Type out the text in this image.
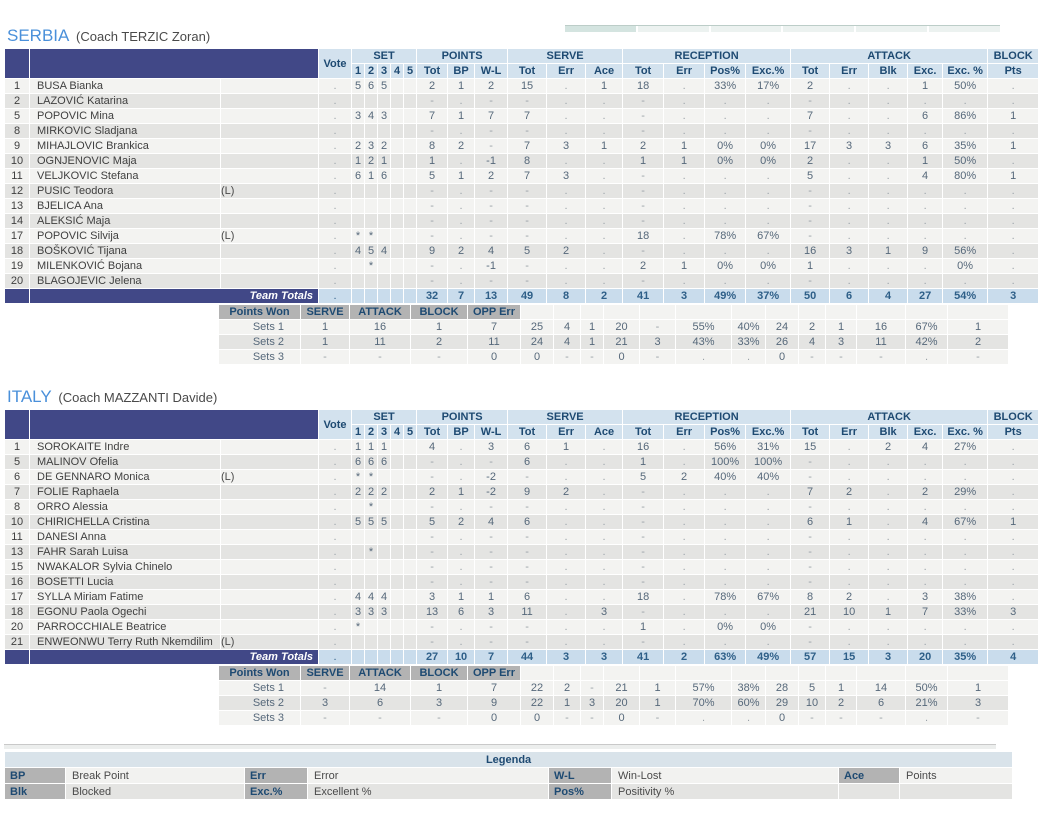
SERBIA (Coach TERZIC Zoran)
			Vote	SET					POINTS			SERVE			RECEPTION				ATTACK					BLOCK
				1	2	3	4	5	Tot	BP	W-L	Tot	Err	Ace	Tot	Err	Pos%	Exc.%	Tot	Err	Blk	Exc.	Exc. %	Pts
1	BUSA Bianka		.	5	6	5			2	1	2	15	.	1	18	.	33%	17%	2	.	.	1	50%	.
2	LAZOVIĆ Katarina		.						-	.	-	-	.	.	-	.	.	.	-	.	.	.	.	.
5	POPOVIC Mina		.	3	4	3			7	1	7	7	.	.	-	.	.	.	7	.	.	6	86%	1
8	MIRKOVIC Sladjana		.						-	.	-	-	.	.	-	.	.	.	-	.	.	.	.	.
9	MIHAJLOVIC Brankica		.	2	3	2			8	2	-	7	3	1	2	1	0%	0%	17	3	3	6	35%	1
10	OGNJENOVIC Maja		.	1	2	1			1	.	-1	8	.	.	1	1	0%	0%	2	.	.	1	50%	.
11	VELJKOVIC Stefana		.	6	1	6			5	1	2	7	3	.	-	.	.	.	5	.	.	4	80%	1
12	PUSIC Teodora	(L)	.						-	.	-	-	.	.	-	.	.	.	-	.	.	.	.	.
13	BJELICA Ana		.						-	.	-	-	.	.	-	.	.	.	-	.	.	.	.	.
14	ALEKSIĆ Maja		.						-	.	-	-	.	.	-	.	.	.	-	.	.	.	.	.
17	POPOVIC Silvija	(L)	.	*	*				-	.	-	-	.	.	18	.	78%	67%	-	.	.	.	.	.
18	BOŠKOVIĆ Tijana		.	4	5	4			9	2	4	5	2	.	-	.	.	.	16	3	1	9	56%	.
19	MILENKOVIĆ Bojana		.		*				-	.	-1	-	.	.	2	1	0%	0%	1	.	.	.	0%	.
20	BLAGOJEVIC Jelena		.						-	.	-	-	.	.	-	.	.	.	-	.	.	.	.	.
	Team Totals		.						32	7	13	49	8	2	41	3	49%	37%	50	6	4	27	54%	3
	Points Won	SERVE	ATTACK	BLOCK	OPP Err														
	Sets 1	1	16	1	7	25	4	1	20	-	55%	40%	24	2	1	16	67%	1	
	Sets 2	1	11	2	11	24	4	1	21	3	43%	33%	26	4	3	11	42%	2	
	Sets 3	-	-	-	0	0	-	-	0	-	.	.	0	-	-	-	.	-	
ITALY (Coach MAZZANTI Davide)
			Vote	SET					POINTS			SERVE			RECEPTION				ATTACK					BLOCK
				1	2	3	4	5	Tot	BP	W-L	Tot	Err	Ace	Tot	Err	Pos%	Exc.%	Tot	Err	Blk	Exc.	Exc. %	Pts
1	SOROKAITE Indre		.	1	1	1			4	.	3	6	1	.	16	.	56%	31%	15	.	2	4	27%	.
5	MALINOV Ofelia		.	6	6	6			-	.	-	6	.	.	1	.	100%	100%	-	.	.	.	.	.
6	DE GENNARO Monica	(L)	.	*	*				-	.	-2	-	.	.	5	2	40%	40%	-	.	.	.	.	.
7	FOLIE Raphaela		.	2	2	2			2	1	-2	9	2	.	-	.	.	.	7	2	.	2	29%	.
8	ORRO Alessia		.		*				-	.	-	-	.	.	-	.	.	.	-	.	.	.	.	.
10	CHIRICHELLA Cristina		.	5	5	5			5	2	4	6	.	.	-	.	.	.	6	1	.	4	67%	1
11	DANESI Anna		.						-	.	-	-	.	.	-	.	.	.	-	.	.	.	.	.
13	FAHR Sarah Luisa		.		*				-	.	-	-	.	.	-	.	.	.	-	.	.	.	.	.
15	NWAKALOR Sylvia Chinelo		.						-	.	-	-	.	.	-	.	.	.	-	.	.	.	.	.
16	BOSETTI Lucia		.						-	.	-	-	.	.	-	.	.	.	-	.	.	.	.	.
17	SYLLA Miriam Fatime		.	4	4	4			3	1	1	6	.	.	18	.	78%	67%	8	2	.	3	38%	.
18	EGONU Paola Ogechi		.	3	3	3			13	6	3	11	.	3	-	.	.	.	21	10	1	7	33%	3
20	PARROCCHIALE Beatrice		.	*					-	.	-	-	.	.	1	.	0%	0%	-	.	.	.	.	.
21	ENWEONWU Terry Ruth Nkemdilim	(L)	.						-	.	-	-	.	.	-	.	.	.	-	.	.	.	.	.
	Team Totals		.						27	10	7	44	3	3	41	2	63%	49%	57	15	3	20	35%	4
	Points Won	SERVE	ATTACK	BLOCK	OPP Err														
	Sets 1	-	14	1	7	22	2	-	21	1	57%	38%	28	5	1	14	50%	1	
	Sets 2	3	6	3	9	22	1	3	20	1	70%	60%	29	10	2	6	21%	3	
	Sets 3	-	-	-	0	0	-	-	0	-	.	.	0	-	-	-	.	-	
Legenda							
BP	Break Point	Err	Error	W-L	Win-Lost	Ace	Points
Blk	Blocked	Exc.%	Excellent %	Pos%	Positivity %		
